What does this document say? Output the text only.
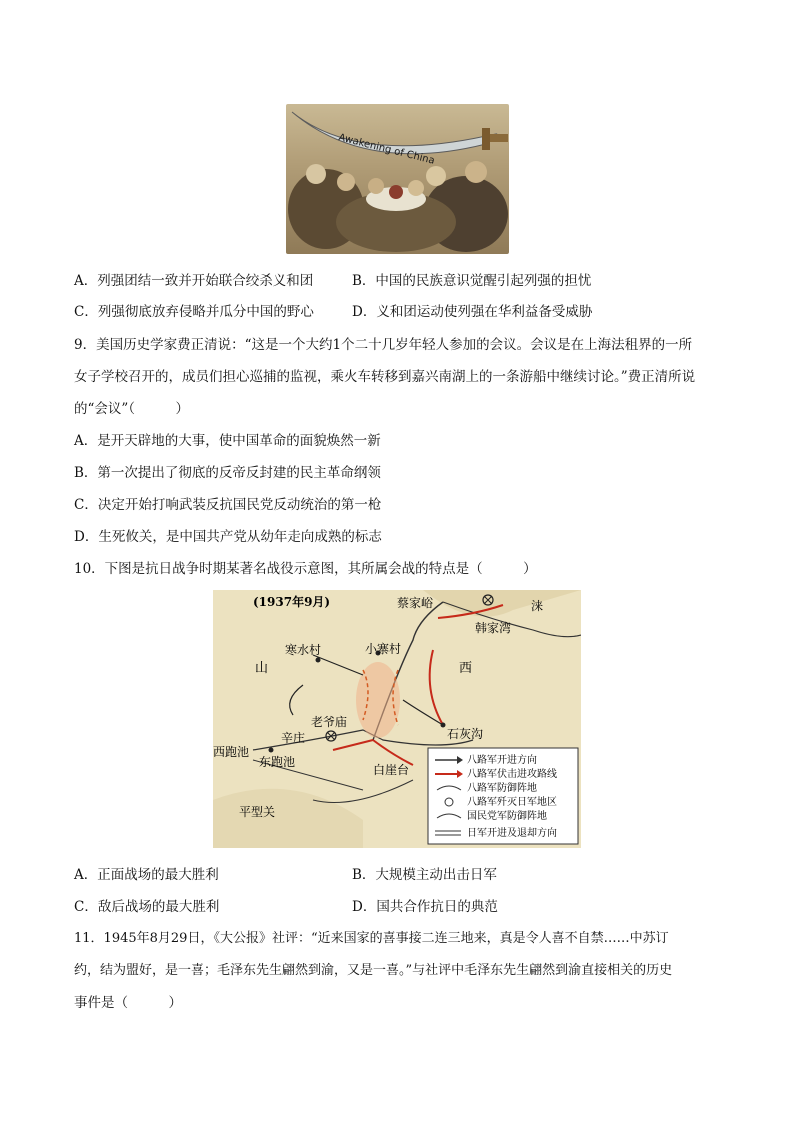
Awakening of China
A．列强团结一致并开始联合绞杀义和团	B．中国的民族意识觉醒引起列强的担忧
C．列强彻底放弃侵略并瓜分中国的野心	D．义和团运动使列强在华利益备受威胁
9．美国历史学家费正清说：“这是一个大约1个二十几岁年轻人参加的会议。会议是在上海法租界的一所
女子学校召开的，成员们担心巡捕的监视，乘火车转移到嘉兴南湖上的一条游船中继续讨论。”费正清所说
的“会议”（　　　）
A．是开天辟地的大事，使中国革命的面貌焕然一新
B．第一次提出了彻底的反帝反封建的民主革命纲领
C．决定开始打响武装反抗国民党反动统治的第一枪
D．生死攸关，是中国共产党从幼年走向成熟的标志
10．下图是抗日战争时期某著名战役示意图，其所属会战的特点是（　　　）
(1937年9月)	蔡家峪
韩家湾
涞
寒水村	小寨村
山	西
老爷庙
辛庄	石灰沟
西跑池
东跑池
白崖台
平型关
八路军开进方向
八路军伏击进攻路线
八路军防御阵地
八路军歼灭日军地区
国民党军防御阵地
日军开进及退却方向
A．正面战场的最大胜利	B．大规模主动出击日军
C．敌后战场的最大胜利	D．国共合作抗日的典范
11．1945年8月29日，《大公报》社评：“近来国家的喜事接二连三地来，真是令人喜不自禁……中苏订
约，结为盟好，是一喜；毛泽东先生翩然到渝，又是一喜。”与社评中毛泽东先生翩然到渝直接相关的历史
事件是（　　　）
